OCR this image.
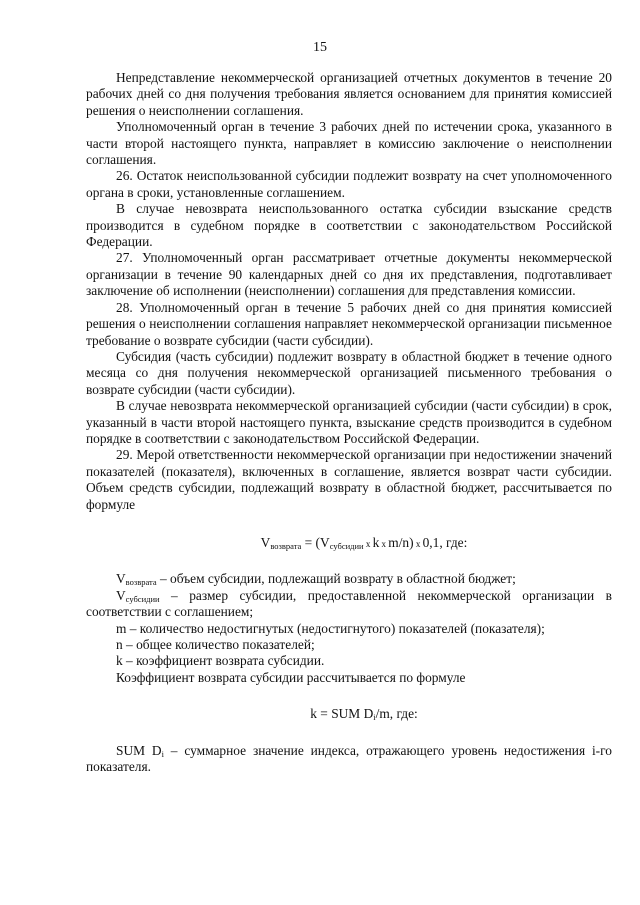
15

Непредставление некоммерческой организацией отчетных документов в течение 20 рабочих дней со дня получения требования является основанием для принятия комиссией решения о неисполнении соглашения.

Уполномоченный орган в течение 3 рабочих дней по истечении срока, указанного в части второй настоящего пункта, направляет в комиссию заключение о неисполнении соглашения.

26. Остаток неиспользованной субсидии подлежит возврату на счет уполномоченного органа в сроки, установленные соглашением.

В случае невозврата неиспользованного остатка субсидии взыскание средств производится в судебном порядке в соответствии с законодательством Российской Федерации.

27. Уполномоченный орган рассматривает отчетные документы некоммерческой организации в течение 90 календарных дней со дня их представления, подготавливает заключение об исполнении (неисполнении) соглашения для представления комиссии.

28. Уполномоченный орган в течение 5 рабочих дней со дня принятия комиссией решения о неисполнении соглашения направляет некоммерческой организации письменное требование о возврате субсидии (части субсидии).

Субсидия (часть субсидии) подлежит возврату в областной бюджет в течение одного месяца со дня получения некоммерческой организацией письменного требования о возврате субсидии (части субсидии).

В случае невозврата некоммерческой организацией субсидии (части субсидии) в срок, указанный в части второй настоящего пункта, взыскание средств производится в судебном порядке в соответствии с законодательством Российской Федерации.

29. Мерой ответственности некоммерческой организации при недостижении значений показателей (показателя), включенных в соглашение, является возврат части субсидии. Объем средств субсидии, подлежащий возврату в областной бюджет, рассчитывается по формуле

$V_{возврата} = (V_{субсидии}$ x k x m/n) x 0,1, где:

$V_{возврата}$ – объем субсидии, подлежащий возврату в областной бюджет;

$V_{субсидии}$ – размер субсидии, предоставленной некоммерческой организации в соответствии с соглашением;

m – количество недостигнутых (недостигнутого) показателей (показателя);

n – общее количество показателей;

k – коэффициент возврата субсидии.

Коэффициент возврата субсидии рассчитывается по формуле

k = SUM $D_i/m$, где:

SUM $D_i$ – суммарное значение индекса, отражающего уровень недостижения i-го показателя.
